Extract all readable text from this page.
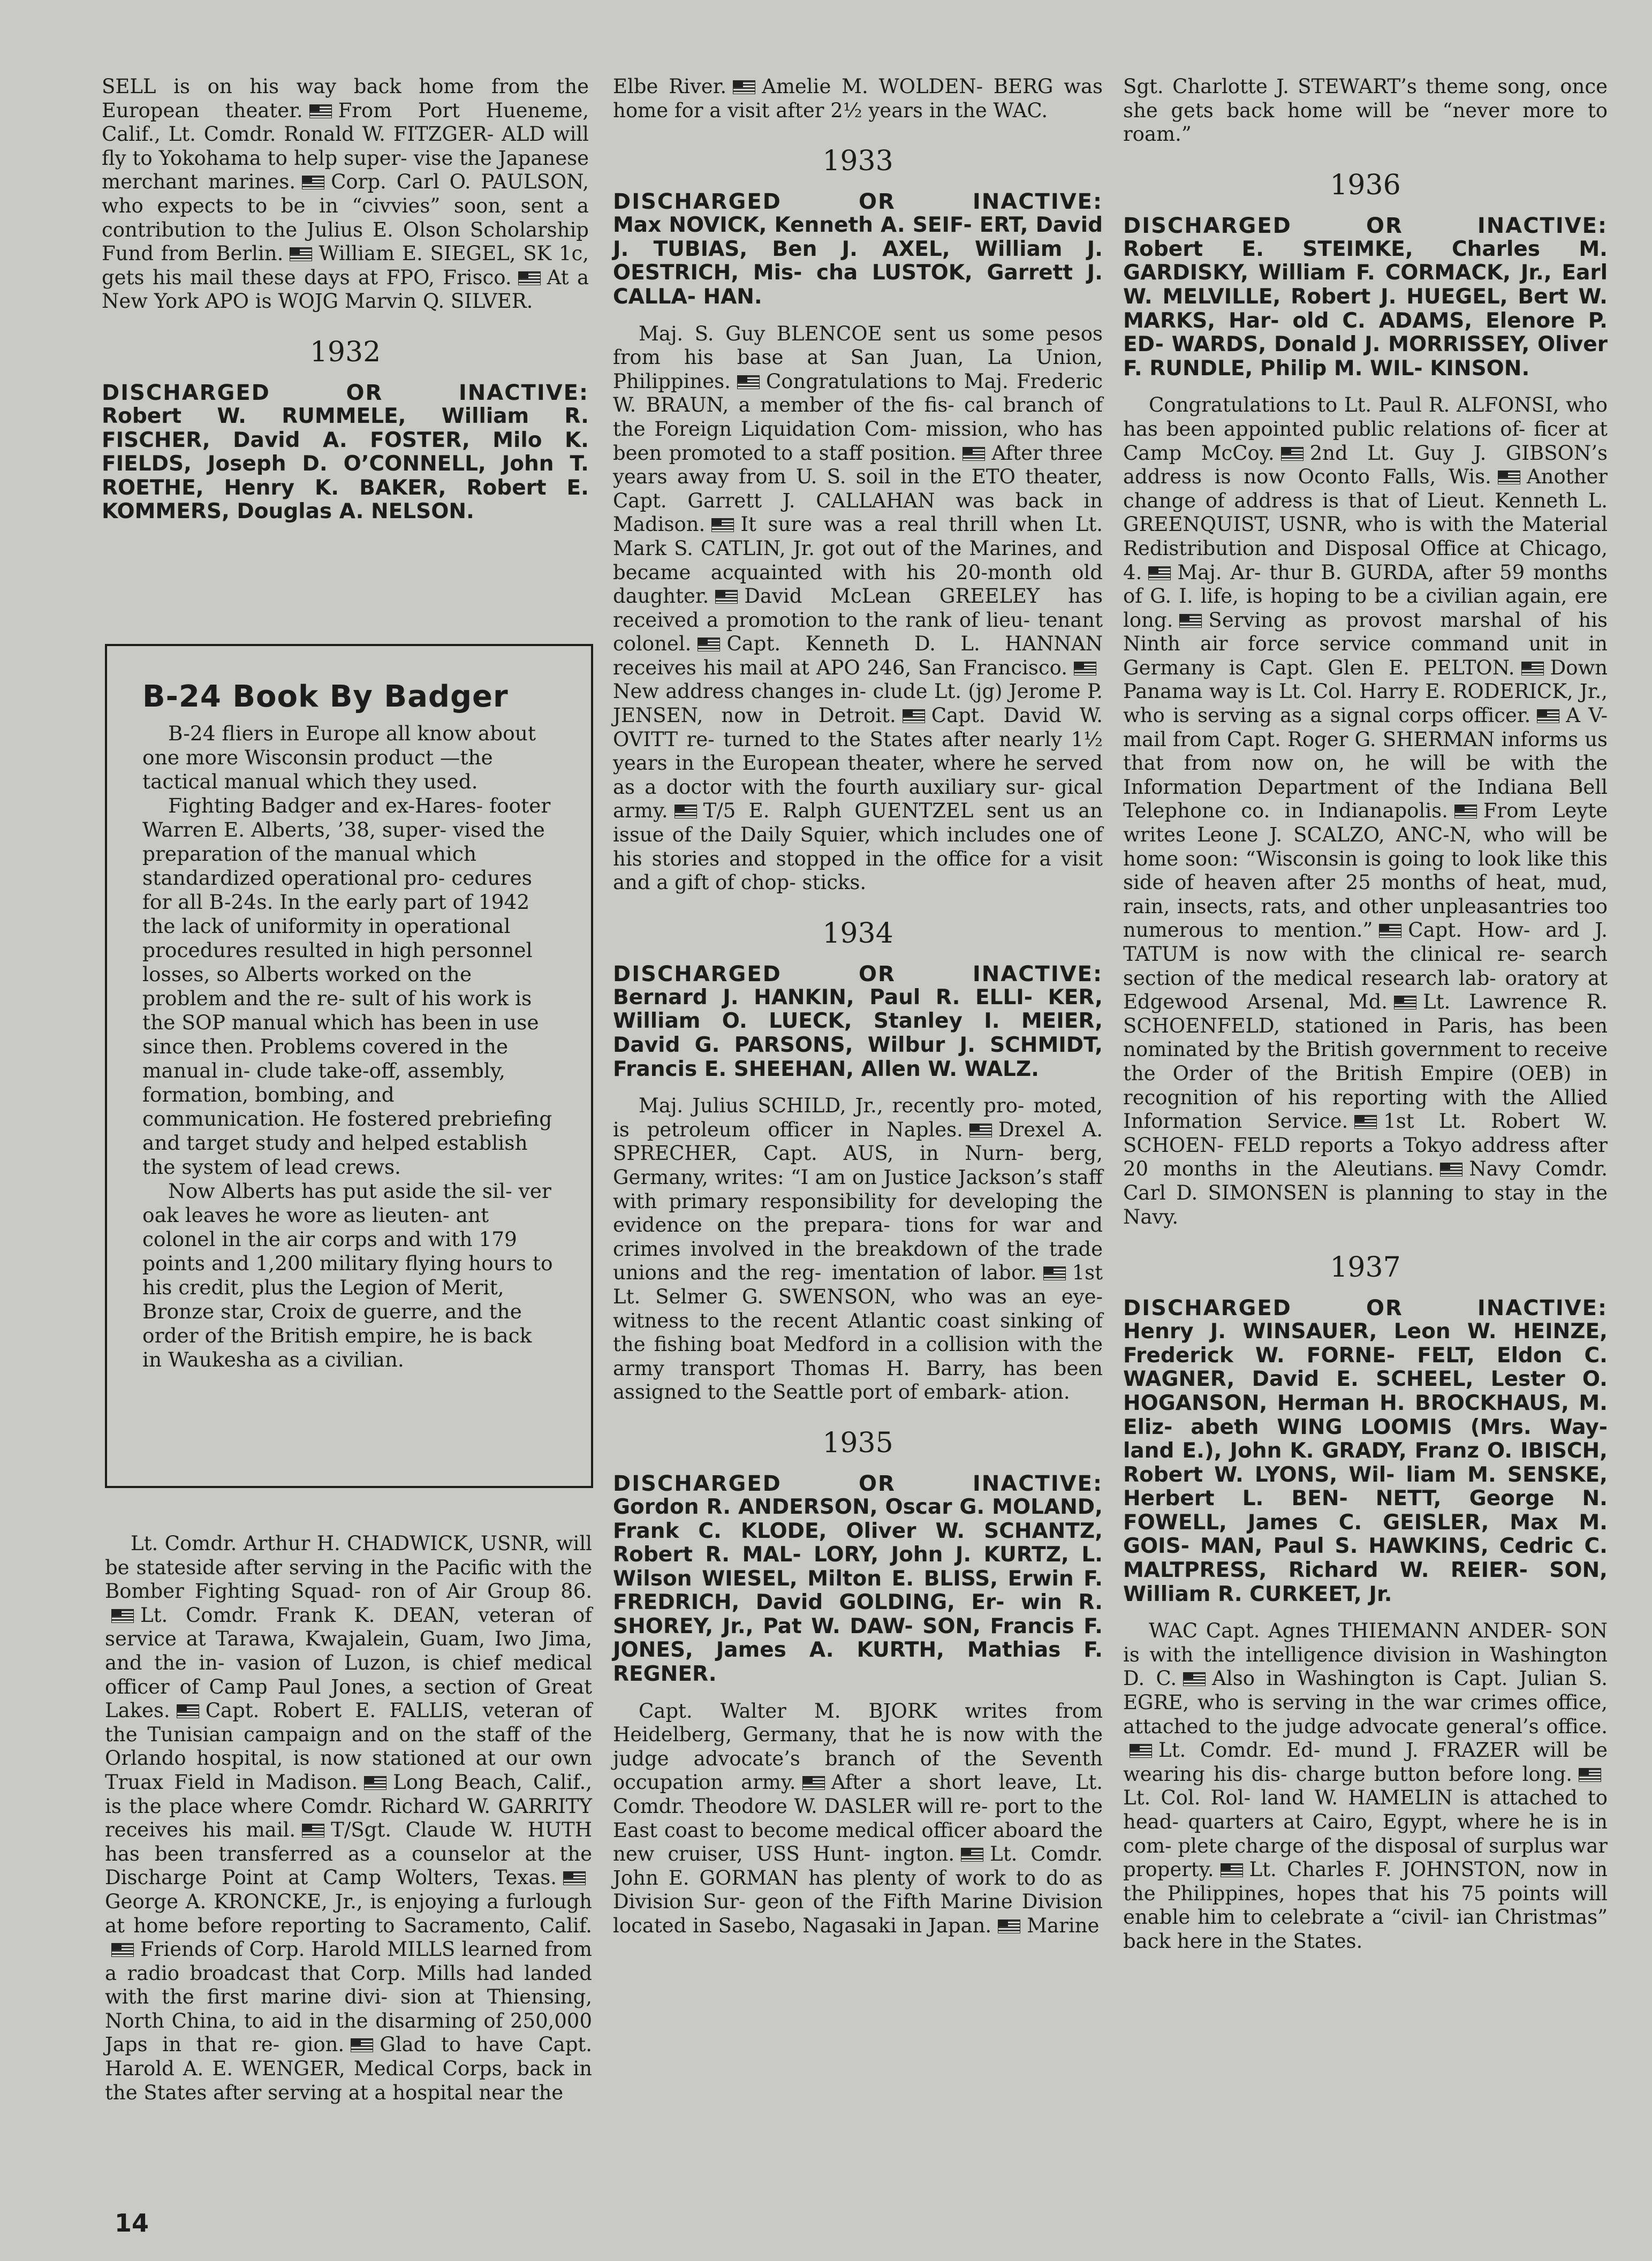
SELL is on his way back home from the European theater. From Port Hueneme, Calif., Lt. Comdr. Ronald W. FITZGER- ALD will fly to Yokohama to help super- vise the Japanese merchant marines. Corp. Carl O. PAULSON, who expects to be in “civvies” soon, sent a contribution to the Julius E. Olson Scholarship Fund from Berlin. William E. SIEGEL, SK 1c, gets his mail these days at FPO, Frisco. At a New York APO is WOJG Marvin Q. SILVER.

1932

DISCHARGED OR INACTIVE:

Robert W. RUMMELE, William R. FISCHER, David A. FOSTER, Milo K. FIELDS, Joseph D. O’CONNELL, John T. ROETHE, Henry K. BAKER, Robert E. KOMMERS, Douglas A. NELSON.

B-24 Book By Badger

B-24 fliers in Europe all know about one more Wisconsin product —the tactical manual which they used.

Fighting Badger and ex-Hares- footer Warren E. Alberts, ’38, super- vised the preparation of the manual which standardized operational pro- cedures for all B-24s. In the early part of 1942 the lack of uniformity in operational procedures resulted in high personnel losses, so Alberts worked on the problem and the re- sult of his work is the SOP manual which has been in use since then. Problems covered in the manual in- clude take-off, assembly, formation, bombing, and communication. He fostered prebriefing and target study and helped establish the system of lead crews.

Now Alberts has put aside the sil- ver oak leaves he wore as lieuten- ant colonel in the air corps and with 179 points and 1,200 military flying hours to his credit, plus the Legion of Merit, Bronze star, Croix de guerre, and the order of the British empire, he is back in Waukesha as a civilian.

Lt. Comdr. Arthur H. CHADWICK, USNR, will be stateside after serving in the Pacific with the Bomber Fighting Squad- ron of Air Group 86.Lt. Comdr. Frank K. DEAN, veteran of service at Tarawa, Kwajalein, Guam, Iwo Jima, and the in- vasion of Luzon, is chief medical officer of Camp Paul Jones, a section of Great Lakes. Capt. Robert E. FALLIS, veteran of the Tunisian campaign and on the staff of the Orlando hospital, is now stationed at our own Truax Field in Madison. Long Beach, Calif., is the place where Comdr. Richard W. GARRITY receives his mail. T/Sgt. Claude W. HUTH has been transferred as a counselor at the Discharge Point at Camp Wolters, Texas.George A. KRONCKE, Jr., is enjoying a furlough at home before reporting to Sacramento, Calif.Friends of Corp. Harold MILLS learned from a radio broadcast that Corp. Mills had landed with the first marine divi- sion at Thiensing, North China, to aid in the disarming of 250,000 Japs in that re- gion. Glad to have Capt. Harold A. E. WENGER, Medical Corps, back in the States after serving at a hospital near the

Elbe River. Amelie M. WOLDEN- BERG was home for a visit after 2½ years in the WAC.

1933

DISCHARGED OR INACTIVE:

Max NOVICK, Kenneth A. SEIF- ERT, David J. TUBIAS, Ben J. AXEL, William J. OESTRICH, Mis- cha LUSTOK, Garrett J. CALLA- HAN.

Maj. S. Guy BLENCOE sent us some pesos from his base at San Juan, La Union, Philippines. Congratulations to Maj. Frederic W. BRAUN, a member of the fis- cal branch of the Foreign Liquidation Com- mission, who has been promoted to a staff position. After three years away from U. S. soil in the ETO theater, Capt. Garrett J. CALLAHAN was back in Madison. It sure was a real thrill when Lt. Mark S. CATLIN, Jr. got out of the Marines, and became acquainted with his 20-month old daughter. David McLean GREELEY has received a promotion to the rank of lieu- tenant colonel. Capt. Kenneth D. L. HANNAN receives his mail at APO 246, San Francisco.New address changes in- clude Lt. (jg) Jerome P. JENSEN, now in Detroit. Capt. David W. OVITT re- turned to the States after nearly 1½ years in the European theater, where he served as a doctor with the fourth auxiliary sur- gical army. T/5 E. Ralph GUENTZEL sent us an issue of the Daily Squier, which includes one of his stories and stopped in the office for a visit and a gift of chop- sticks.

1934

DISCHARGED OR INACTIVE:

Bernard J. HANKIN, Paul R. ELLI- KER, William O. LUECK, Stanley I. MEIER, David G. PARSONS, Wilbur J. SCHMIDT, Francis E. SHEEHAN, Allen W. WALZ.

Maj. Julius SCHILD, Jr., recently pro- moted, is petroleum officer in Naples. Drexel A. SPRECHER, Capt. AUS, in Nurn- berg, Germany, writes: “I am on Justice Jackson’s staff with primary responsibility for developing the evidence on the prepara- tions for war and crimes involved in the breakdown of the trade unions and the reg- imentation of labor. 1st Lt. Selmer G. SWENSON, who was an eye-witness to the recent Atlantic coast sinking of the fishing boat Medford in a collision with the army transport Thomas H. Barry, has been assigned to the Seattle port of embark- ation.

1935

DISCHARGED OR INACTIVE:

Gordon R. ANDERSON, Oscar G. MOLAND, Frank C. KLODE, Oliver W. SCHANTZ, Robert R. MAL- LORY, John J. KURTZ, L. Wilson WIESEL, Milton E. BLISS, Erwin F. FREDRICH, David GOLDING, Er- win R. SHOREY, Jr., Pat W. DAW- SON, Francis F. JONES, James A. KURTH, Mathias F. REGNER.

Capt. Walter M. BJORK writes from Heidelberg, Germany, that he is now with the judge advocate’s branch of the Seventh occupation army. After a short leave, Lt. Comdr. Theodore W. DASLER will re- port to the East coast to become medical officer aboard the new cruiser, USS Hunt- ington. Lt. Comdr. John E. GORMAN has plenty of work to do as Division Sur- geon of the Fifth Marine Division located in Sasebo, Nagasaki in Japan. Marine

Sgt. Charlotte J. STEWART’s theme song, once she gets back home will be “never more to roam.”

1936

DISCHARGED OR INACTIVE:

Robert E. STEIMKE, Charles M. GARDISKY, William F. CORMACK, Jr., Earl W. MELVILLE, Robert J. HUEGEL, Bert W. MARKS, Har- old C. ADAMS, Elenore P. ED- WARDS, Donald J. MORRISSEY, Oliver F. RUNDLE, Philip M. WIL- KINSON.

Congratulations to Lt. Paul R. ALFONSI, who has been appointed public relations of- ficer at Camp McCoy. 2nd Lt. Guy J. GIBSON’s address is now Oconto Falls, Wis. Another change of address is that of Lieut. Kenneth L. GREENQUIST, USNR, who is with the Material Redistribution and Disposal Office at Chicago, 4. Maj. Ar- thur B. GURDA, after 59 months of G. I. life, is hoping to be a civilian again, ere long. Serving as provost marshal of his Ninth air force service command unit in Germany is Capt. Glen E. PELTON. Down Panama way is Lt. Col. Harry E. RODERICK, Jr., who is serving as a signal corps officer. A V-mail from Capt. Roger G. SHERMAN informs us that from now on, he will be with the Information Department of the Indiana Bell Telephone co. in Indianapolis. From Leyte writes Leone J. SCALZO, ANC-N, who will be home soon: “Wisconsin is going to look like this side of heaven after 25 months of heat, mud, rain, insects, rats, and other unpleasantries too numerous to mention.” Capt. How- ard J. TATUM is now with the clinical re- search section of the medical research lab- oratory at Edgewood Arsenal, Md. Lt. Lawrence R. SCHOENFELD, stationed in Paris, has been nominated by the British government to receive the Order of the British Empire (OEB) in recognition of his reporting with the Allied Information Service. 1st Lt. Robert W. SCHOEN- FELD reports a Tokyo address after 20 months in the Aleutians. Navy Comdr. Carl D. SIMONSEN is planning to stay in the Navy.

1937

DISCHARGED OR INACTIVE:

Henry J. WINSAUER, Leon W. HEINZE, Frederick W. FORNE- FELT, Eldon C. WAGNER, David E. SCHEEL, Lester O. HOGANSON, Herman H. BROCKHAUS, M. Eliz- abeth WING LOOMIS (Mrs. Way- land E.), John K. GRADY, Franz O. IBISCH, Robert W. LYONS, Wil- liam M. SENSKE, Herbert L. BEN- NETT, George N. FOWELL, James C. GEISLER, Max M. GOIS- MAN, Paul S. HAWKINS, Cedric C. MALTPRESS, Richard W. REIER- SON, William R. CURKEET, Jr.

WAC Capt. Agnes THIEMANN ANDER- SON is with the intelligence division in Washington D. C. Also in Washington is Capt. Julian S. EGRE, who is serving in the war crimes office, attached to the judge advocate general’s office.Lt. Comdr. Ed- mund J. FRAZER will be wearing his dis- charge button before long.Lt. Col. Rol- land W. HAMELIN is attached to head- quarters at Cairo, Egypt, where he is in com- plete charge of the disposal of surplus war property. Lt. Charles F. JOHNSTON, now in the Philippines, hopes that his 75 points will enable him to celebrate a “civil- ian Christmas” back here in the States.

14
